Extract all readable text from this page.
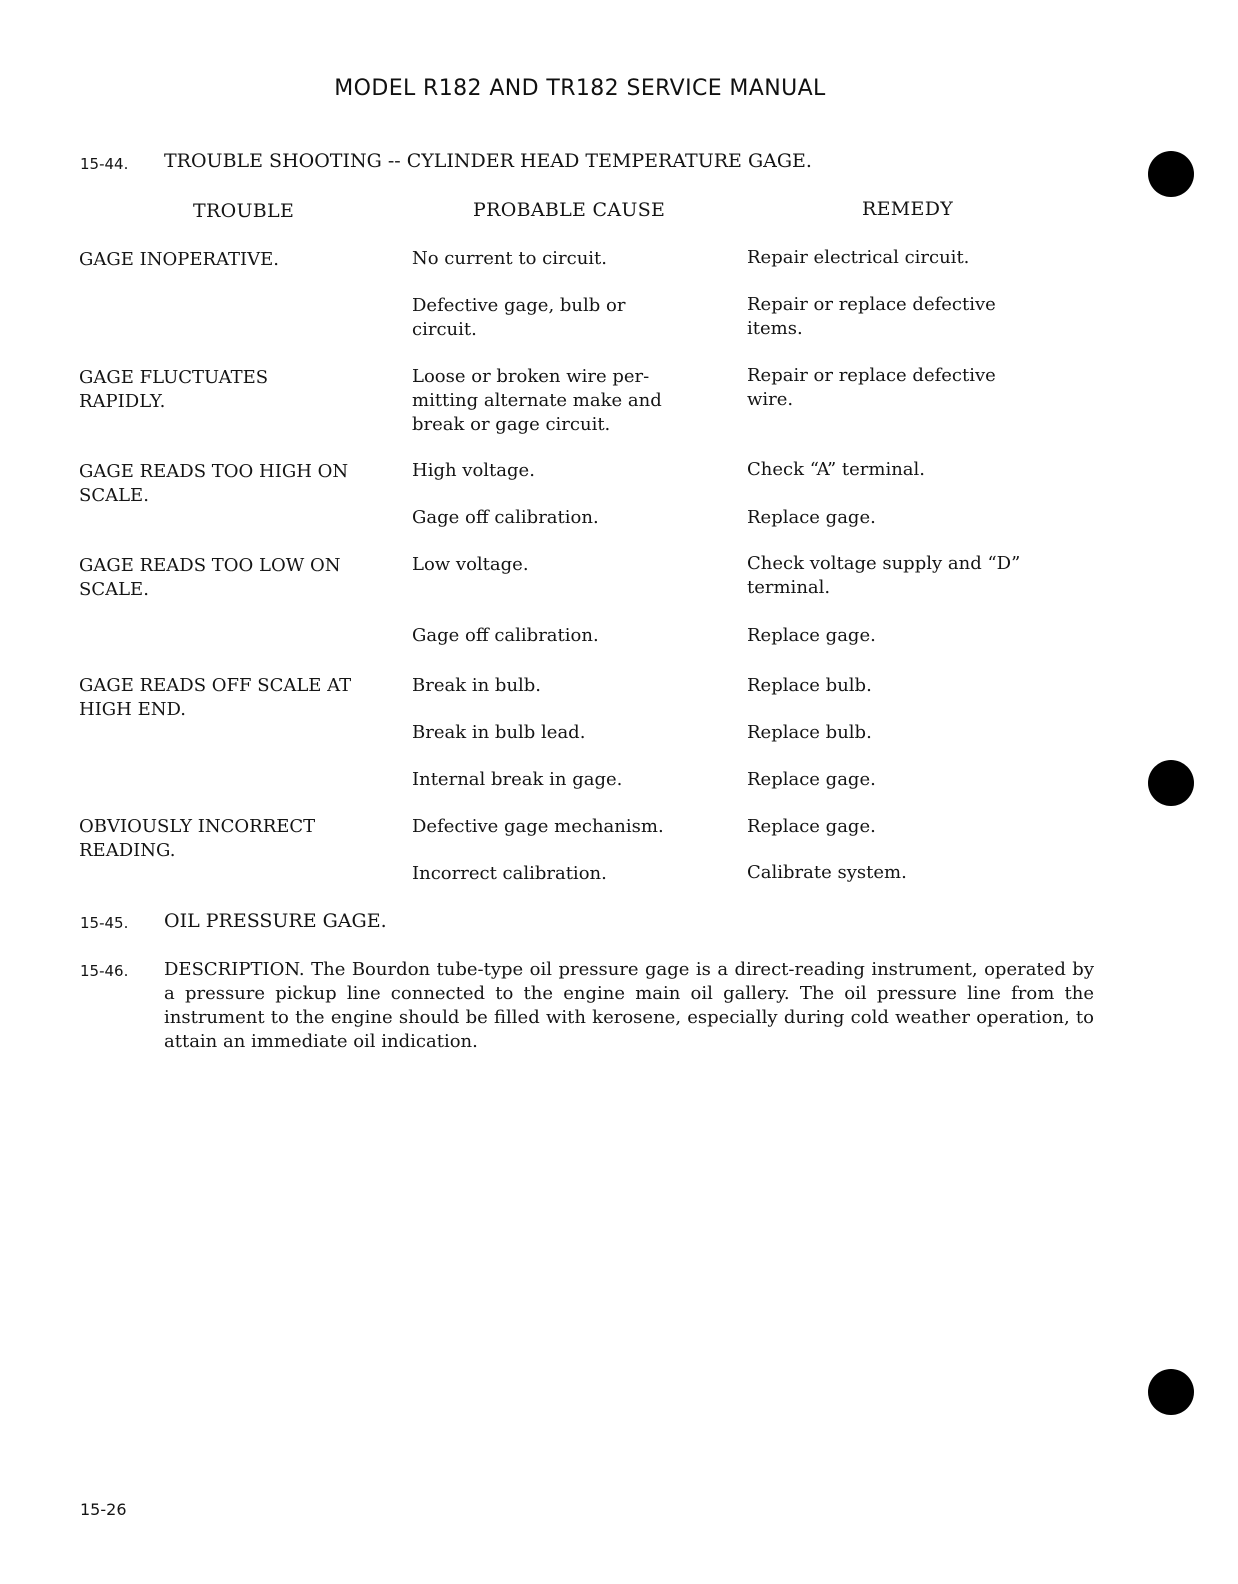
MODEL R182 AND TR182 SERVICE MANUAL
15-44. TROUBLE SHOOTING -- CYLINDER HEAD TEMPERATURE GAGE.
TROUBLE	PROBABLE CAUSE	REMEDY
GAGE INOPERATIVE.
GAGE FLUCTUATES RAPIDLY.
GAGE READS TOO HIGH ON SCALE.
GAGE READS TOO LOW ON SCALE.
GAGE READS OFF SCALE AT HIGH END.
OBVIOUSLY INCORRECT READING.
No current to circuit.
Defective gage, bulb or circuit.
Loose or broken wire per-mitting alternate make and break or gage circuit.
High voltage.
Gage off calibration.
Low voltage.
Gage off calibration.
Break in bulb.
Break in bulb lead.
Internal break in gage.
Defective gage mechanism.
Incorrect calibration.
Repair electrical circuit.
Repair or replace defective items.
Repair or replace defective wire.
Check “A” terminal.
Replace gage.
Check voltage supply and “D” terminal.
Replace gage.
Replace bulb.
Replace bulb.
Replace gage.
Replace gage.
Calibrate system.
15-45. OIL PRESSURE GAGE.
15-46. DESCRIPTION. The Bourdon tube-type oil pressure gage is a direct-reading instrument, operated by a pressure pickup line connected to the engine main oil gallery. The oil pressure line from the instrument to the engine should be filled with kerosene, especially during cold weather operation, to attain an immediate oil indication.
15-26
